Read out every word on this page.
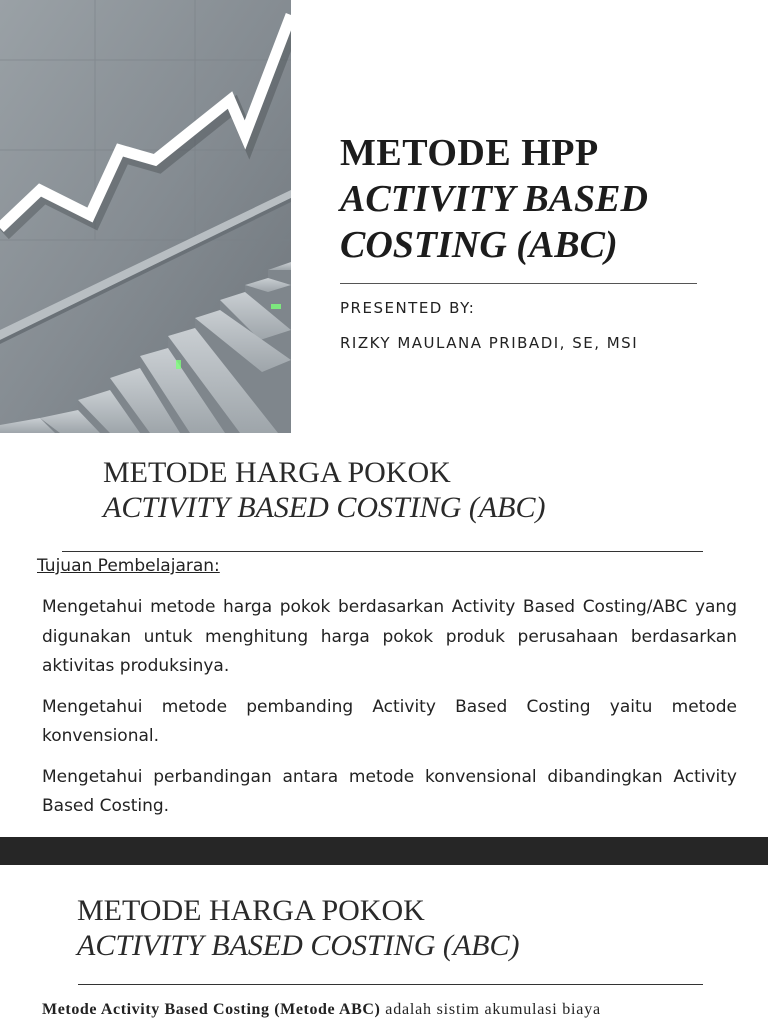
METODE HPP
ACTIVITY BASED
COSTING (ABC)
PRESENTED BY:
RIZKY MAULANA PRIBADI, SE, MSI
METODE HARGA POKOK
ACTIVITY BASED COSTING (ABC)
Tujuan Pembelajaran:

Mengetahui metode harga pokok berdasarkan Activity Based Costing/ABC yang digunakan untuk menghitung harga pokok produk perusahaan berdasarkan aktivitas produksinya.

Mengetahui metode pembanding Activity Based Costing yaitu metode konvensional.

Mengetahui perbandingan antara metode konvensional dibandingkan Activity Based Costing.

METODE HARGA POKOK
ACTIVITY BASED COSTING (ABC)
Metode Activity Based Costing (Metode ABC) adalah sistim akumulasi biaya
